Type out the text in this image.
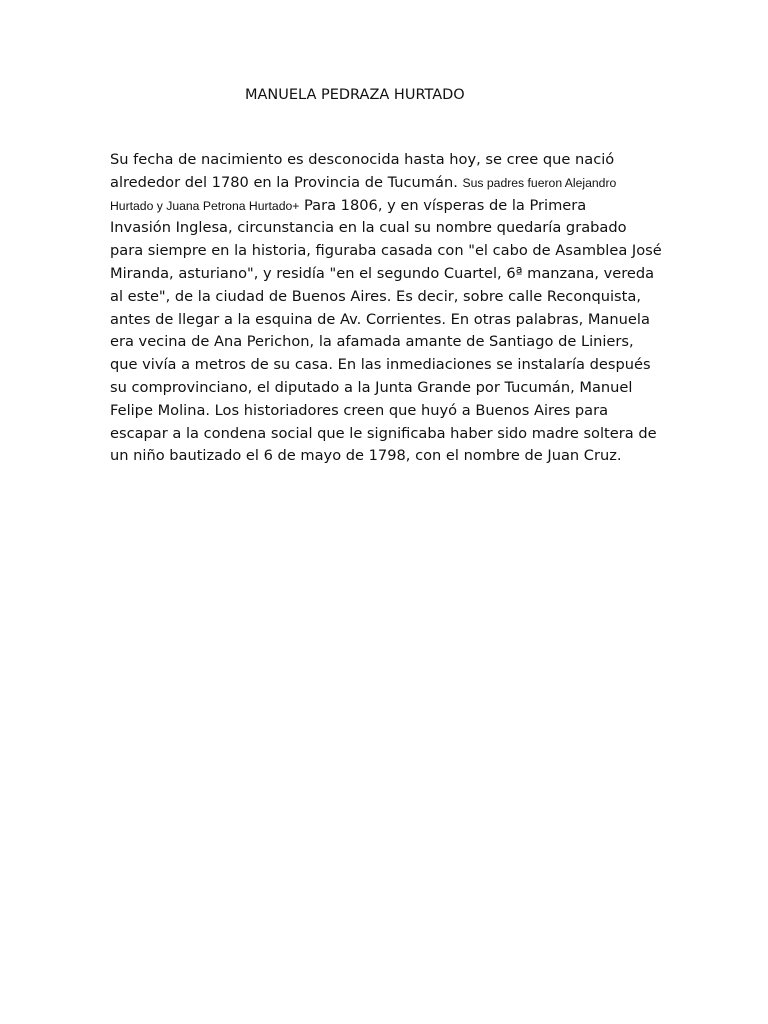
MANUELA PEDRAZA HURTADO
Su fecha de nacimiento es desconocida hasta hoy, se cree que nació
alrededor del 1780 en la Provincia de Tucumán. Sus padres fueron Alejandro
Hurtado y Juana Petrona Hurtado+ Para 1806, y en vísperas de la Primera
Invasión Inglesa, circunstancia en la cual su nombre quedaría grabado
para siempre en la historia, figuraba casada con "el cabo de Asamblea José
Miranda, asturiano", y residía "en el segundo Cuartel, 6ª manzana, vereda
al este", de la ciudad de Buenos Aires. Es decir, sobre calle Reconquista,
antes de llegar a la esquina de Av. Corrientes. En otras palabras, Manuela
era vecina de Ana Perichon, la afamada amante de Santiago de Liniers,
que vivía a metros de su casa. En las inmediaciones se instalaría después
su comprovinciano, el diputado a la Junta Grande por Tucumán, Manuel
Felipe Molina. Los historiadores creen que huyó a Buenos Aires para
escapar a la condena social que le significaba haber sido madre soltera de
un niño bautizado el 6 de mayo de 1798, con el nombre de Juan Cruz.
